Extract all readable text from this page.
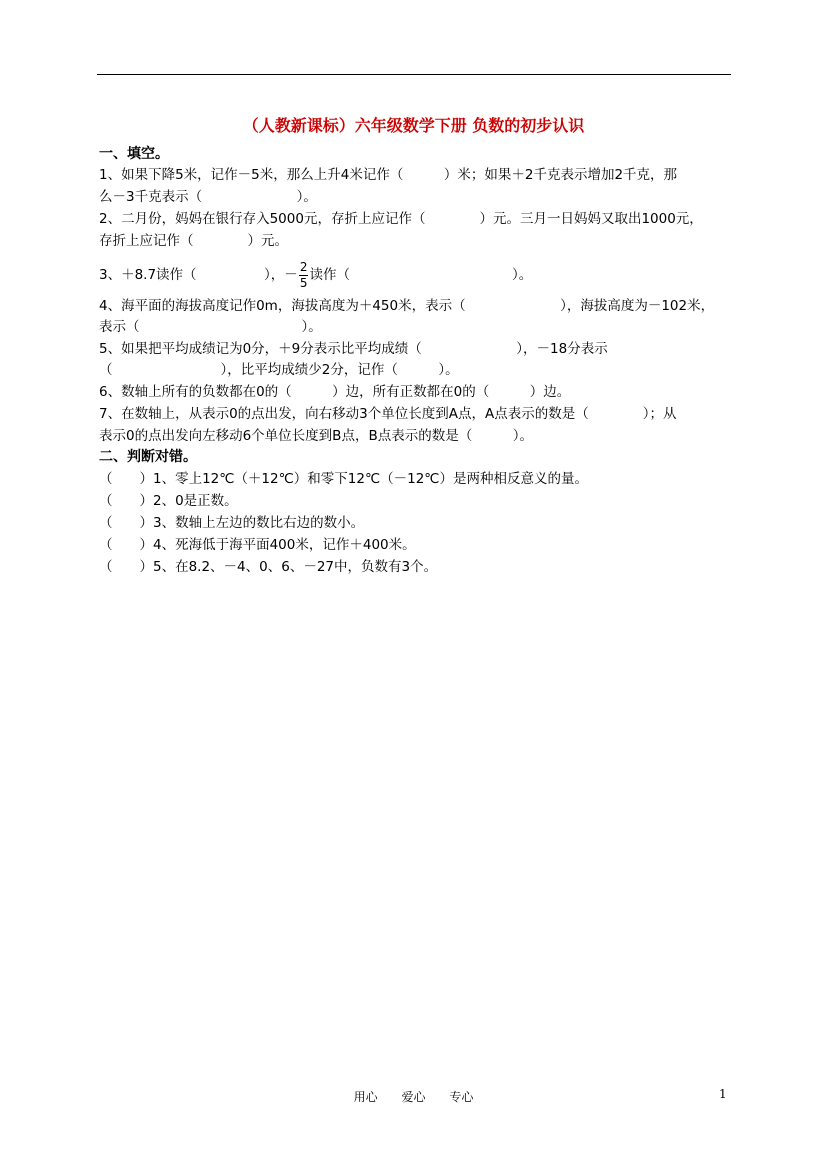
（人教新课标）六年级数学下册 负数的初步认识
一、填空。
1、如果下降5米，记作－5米，那么上升4米记作（　　　）米；如果＋2千克表示增加2千克，那
么－3千克表示（　　　　　　　）。
2、二月份，妈妈在银行存入5000元，存折上应记作（　　　　）元。三月一日妈妈又取出1000元，
存折上应记作（　　　　）元。
3、＋8.7读作（　　　　　），－ $\frac{2}{5}$ 读作（　　　　　　　　　　　　）。
4、海平面的海拔高度记作0m，海拔高度为＋450米，表示（　　　　　　　），海拔高度为－102米，
表示（　　　　　　　　　　　　）。
5、如果把平均成绩记为0分，＋9分表示比平均成绩（　　　　　　　），－18分表示
（　　　　　　　　），比平均成绩少2分，记作（　　　）。
6、数轴上所有的负数都在0的（　　　）边，所有正数都在0的（　　　）边。
7、在数轴上，从表示0的点出发，向右移动3个单位长度到A点，A点表示的数是（　　　　）；从
表示0的点出发向左移动6个单位长度到B点，B点表示的数是（　　　）。
二、判断对错。
（　　）1、零上12℃（＋12℃）和零下12℃（－12℃）是两种相反意义的量。
（　　）2、0是正数。
（　　）3、数轴上左边的数比右边的数小。
（　　）4、死海低于海平面400米，记作＋400米。
（　　）5、在8.2、－4、0、6、－27中，负数有3个。
用心 爱心 专心	1
